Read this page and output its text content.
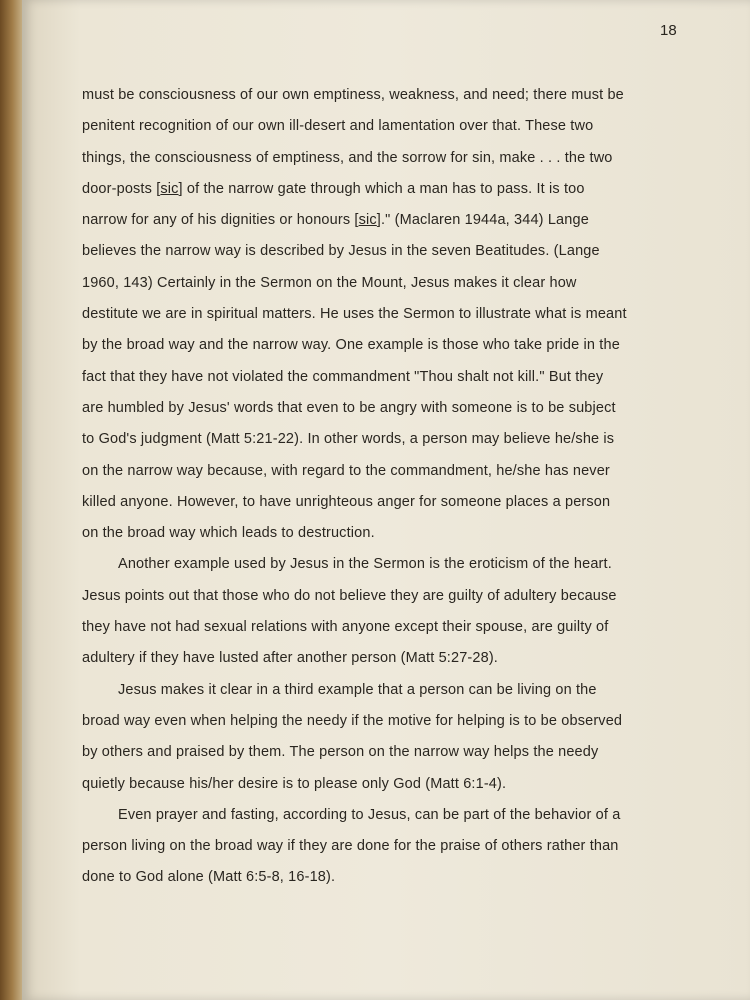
18
must be consciousness of our own emptiness, weakness, and need; there must be
penitent recognition of our own ill-desert and lamentation over that. These two
things, the consciousness of emptiness, and the sorrow for sin, make . . . the two
door-posts [sic] of the narrow gate through which a man has to pass. It is too
narrow for any of his dignities or honours [sic]." (Maclaren 1944a, 344) Lange
believes the narrow way is described by Jesus in the seven Beatitudes. (Lange
1960, 143) Certainly in the Sermon on the Mount, Jesus makes it clear how
destitute we are in spiritual matters. He uses the Sermon to illustrate what is meant
by the broad way and the narrow way. One example is those who take pride in the
fact that they have not violated the commandment "Thou shalt not kill." But they
are humbled by Jesus' words that even to be angry with someone is to be subject
to God's judgment (Matt 5:21-22). In other words, a person may believe he/she is
on the narrow way because, with regard to the commandment, he/she has never
killed anyone. However, to have unrighteous anger for someone places a person
on the broad way which leads to destruction.
Another example used by Jesus in the Sermon is the eroticism of the heart.
Jesus points out that those who do not believe they are guilty of adultery because
they have not had sexual relations with anyone except their spouse, are guilty of
adultery if they have lusted after another person (Matt 5:27-28).
Jesus makes it clear in a third example that a person can be living on the
broad way even when helping the needy if the motive for helping is to be observed
by others and praised by them. The person on the narrow way helps the needy
quietly because his/her desire is to please only God (Matt 6:1-4).
Even prayer and fasting, according to Jesus, can be part of the behavior of a
person living on the broad way if they are done for the praise of others rather than
done to God alone (Matt 6:5-8, 16-18).
